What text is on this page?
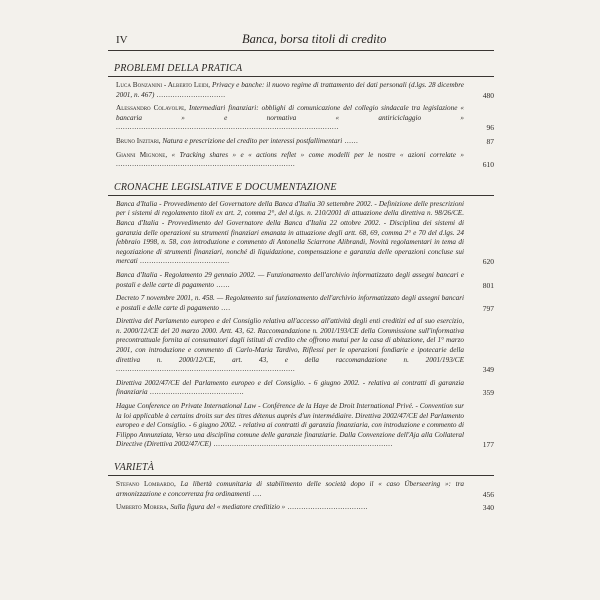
IV	Banca, borsa titoli di credito
PROBLEMI DELLA PRATICA
Luca Bonzanini - Alberto Leidi, Privacy e banche: il nuovo regime di trattamento dei dati personali (d.lgs. 28 dicembre 2001, n. 467) ..............................	480
Alessandro Colavolpe, Intermediari finanziari: obblighi di comunicazione del collegio sindacale tra legislazione « bancaria » e normativa « antiriciclaggio » .................................................................................................	96
Bruno Inzitari, Natura e prescrizione del credito per interessi postfallimentari ......	87
Gianni Mignone, « Tracking shares » e « actions reflet » come modelli per le nostre « azioni correlate » ..............................................................................	610
CRONACHE LEGISLATIVE E DOCUMENTAZIONE
Banca d'Italia - Provvedimento del Governatore della Banca d'Italia 30 settembre 2002. - Definizione delle prescrizioni per i sistemi di regolamento titoli ex art. 2, comma 2°, del d.lgs. n. 210/2001 di attuazione della direttiva n. 98/26/CE. Banca d'Italia - Provvedimento del Governatore della Banca d'Italia 22 ottobre 2002. - Disciplina dei sistemi di garanzia delle operazioni su strumenti finanziari emanata in attuazione degli artt. 68, 69, comma 2° e 70 del d.lgs. 24 febbraio 1998, n. 58, con introduzione e commento di Antonella Sciarrone Alibrandi, Novità regolamentari in tema di negoziazione di strumenti finanziari, nonché di liquidazione, compensazione e garanzia delle operazioni concluse sui mercati .......................................	620
Banca d'Italia - Regolamento 29 gennaio 2002. — Funzionamento dell'archivio informatizzato degli assegni bancari e postali e delle carte di pagamento ......	801
Decreto 7 novembre 2001, n. 458. — Regolamento sul funzionamento dell'archivio informatizzato degli assegni bancari e postali e delle carte di pagamento ....	797
Direttiva del Parlamento europeo e del Consiglio relativa all'accesso all'attività degli enti creditizi ed al suo esercizio, n. 2000/12/CE del 20 marzo 2000. Artt. 43, 62. Raccomandazione n. 2001/193/CE della Commissione sull'informativa precontrattuale fornita ai consumatori dagli istituti di credito che offrono mutui per la casa di abitazione, del 1° marzo 2001, con introduzione e commento di Carlo-Maria Tardivo, Riflessi per le operazioni fondiarie e ipotecarie della direttiva n. 2000/12/CE, art. 43, e della raccomandazione n. 2001/193/CE ..............................................................................	349
Direttiva 2002/47/CE del Parlamento europeo e del Consiglio. - 6 giugno 2002. - relativa ai contratti di garanzia finanziaria .........................................	359
Hague Conference on Private International Law - Conférence de la Haye de Droit International Privé. - Convention sur la loi applicable à certains droits sur des titres détenus auprès d'un intermédiaire. Direttiva 2002/47/CE del Parlamento europeo e del Consiglio. - 6 giugno 2002. - relativa ai contratti di garanzia finanziaria, con introduzione e commento di Filippo Annunziata, Verso una disciplina comune delle garanzie finanziarie. Dalla Convenzione dell'Aja alla Collateral Directive (Direttiva 2002/47/CE) ..............................................................................	177
VARIETÀ
Stefano Lombardo, La libertà comunitaria di stabilimento delle società dopo il « caso Überseering »: tra armonizzazione e concorrenza fra ordinamenti ....	456
Umberto Morera, Sulla figura del « mediatore creditizio » ...................................	340
